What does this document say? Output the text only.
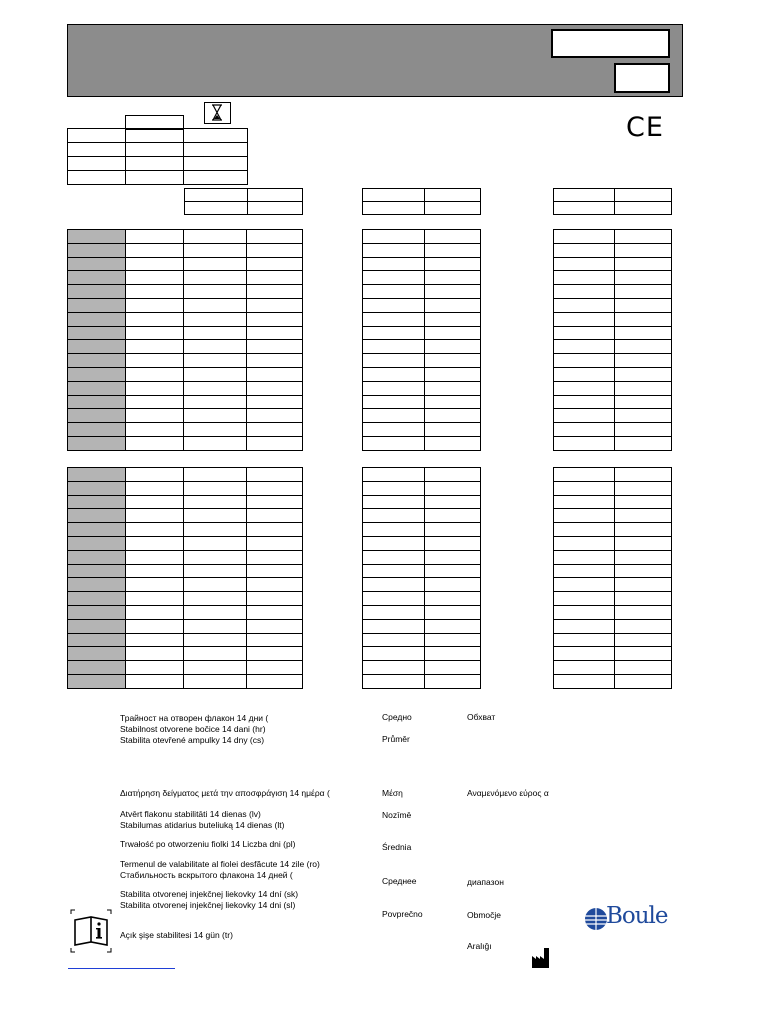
CE

Трайност на отворен флакон 14 дни (
Stabilnost otvorene bočice 14 dani (hr)
Stabilita otevřené ampulky 14 dny (cs)
Διατήρηση δείγματος μετά την αποσφράγιση 14 ημέρα (
Atvērt flakonu stabilitāti 14 dienas (lv)
Stabilumas atidarius buteliuką 14 dienas (lt)
Trwałość po otworzeniu fiolki 14 Liczba dni (pl)
Termenul de valabilitate al fiolei desfăcute 14 zile (ro)
Стабильность вскрытого флакона 14 дней (
Stabilita otvorenej injekčnej liekovky 14 dní (sk)
Stabilita otvorenej injekčnej liekovky 14 dni (sl)
Açık şişe stabilitesi 14 gün (tr)
Средно
Průměr
Μέση
Nozīmē
Średnia
Среднее
Povprečno
Обхват
Αναμενόμενο εύρος α
диапазон
Območje
Aralığı
Boule
